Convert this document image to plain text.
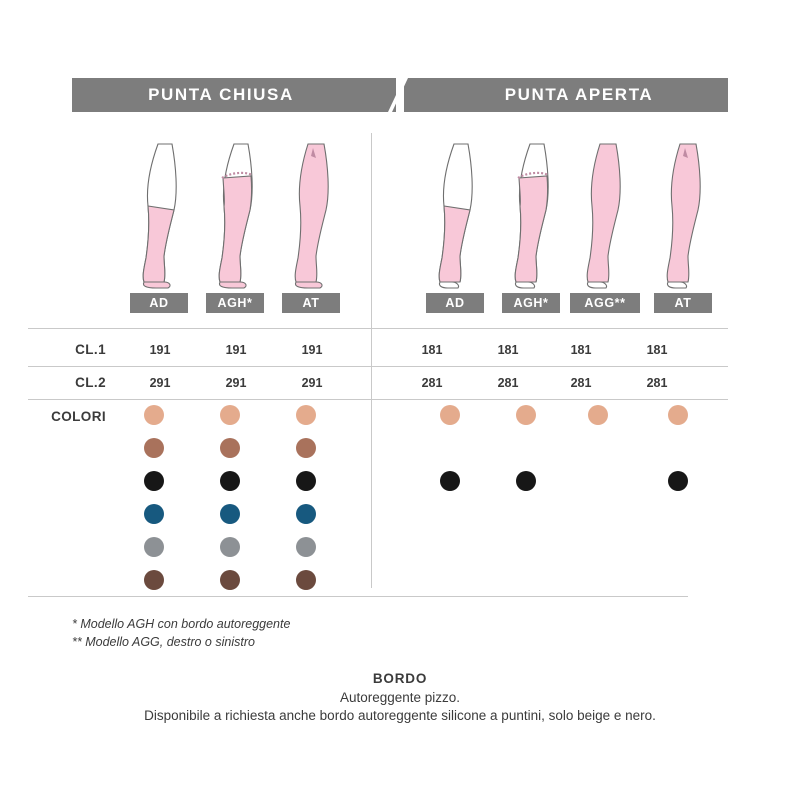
PUNTA CHIUSA	PUNTA APERTA
AD	AGH*	AT	AD	AGH*	AGG**	AT
CL.1	191	191	191	181	181	181	181
CL.2	291	291	291	281	281	281	281
COLORI
* Modello AGH con bordo autoreggente
** Modello AGG, destro o sinistro
BORDO
Autoreggente pizzo.
Disponibile a richiesta anche bordo autoreggente silicone a puntini, solo beige e nero.
